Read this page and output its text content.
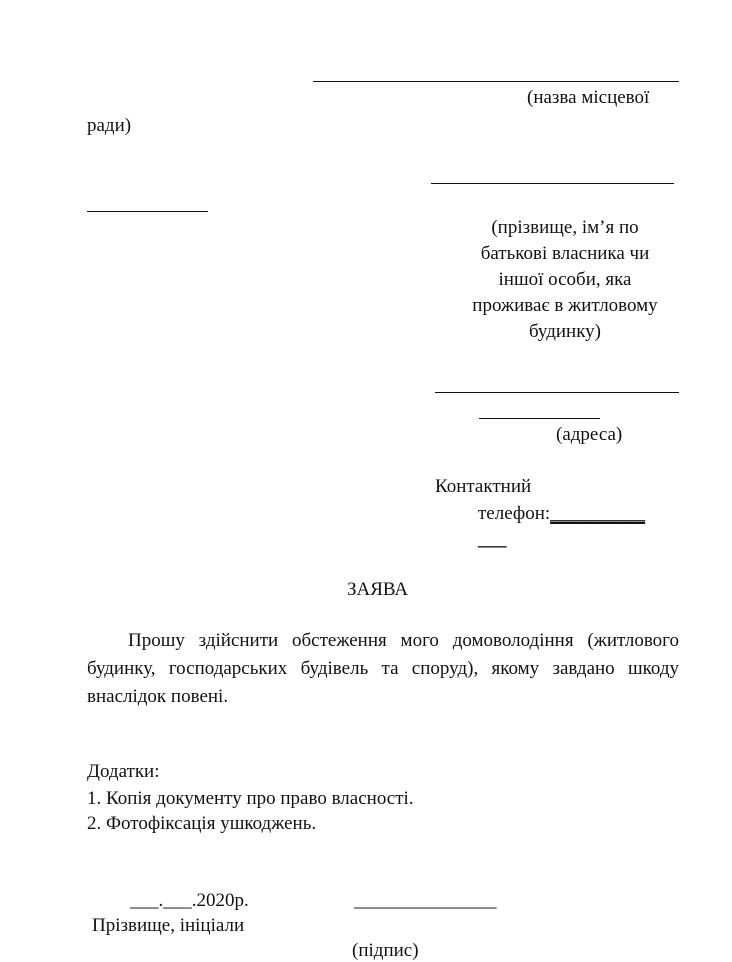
(назва місцевої
ради)
(прізвище, ім’я по
батькові власника чи
іншої особи, яка
проживає в житловому
будинку)
(адреса)
Контактний
телефон:__________
___
ЗАЯВА
Прошу здійснити обстеження мого домоволодіння (житлового будинку, господарських будівель та споруд), якому завдано шкоду внаслідок повені.
Додатки:
1. Копія документу про право власності.
2. Фотофіксація ушкоджень.
___.___.2020р.	_______________
Прізвище, ініціали
(підпис)
